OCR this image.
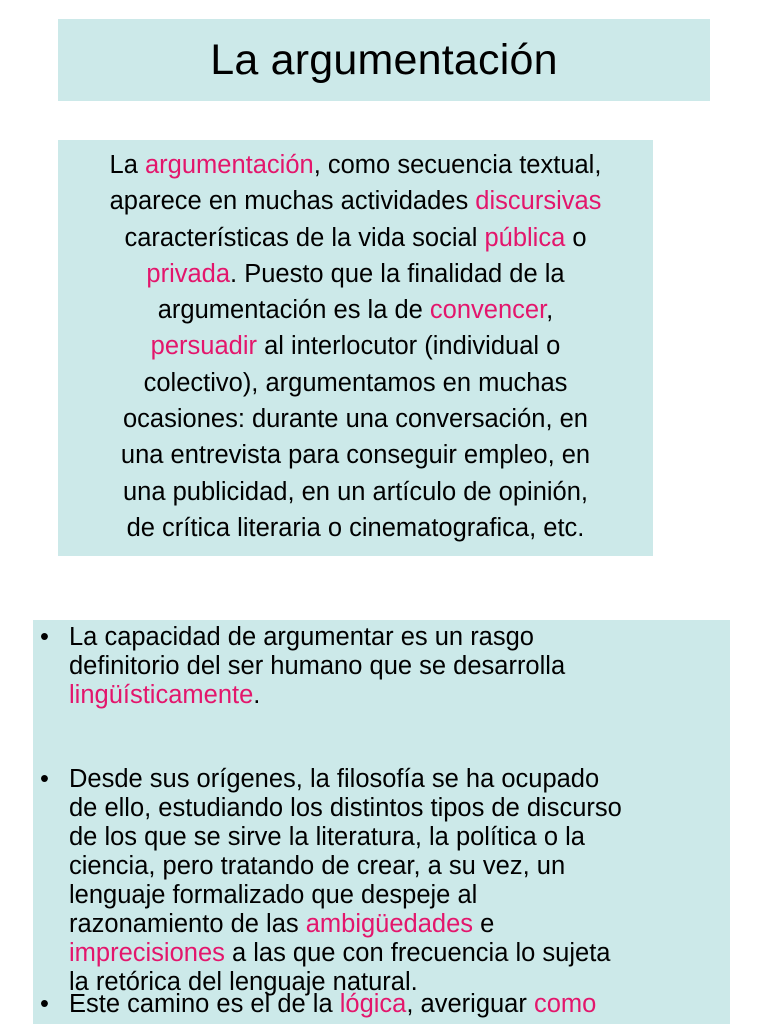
La argumentación
La argumentación, como secuencia textual,
aparece en muchas actividades discursivas
características de la vida social pública o
privada. Puesto que la finalidad de la
argumentación es la de convencer,
persuadir al interlocutor (individual o
colectivo), argumentamos en muchas
ocasiones: durante una conversación, en
una entrevista para conseguir empleo, en
una publicidad, en un artículo de opinión,
de crítica literaria o cinematografica, etc.
• La capacidad de argumentar es un rasgo
definitorio del ser humano que se desarrolla
lingüísticamente.
• Desde sus orígenes, la filosofía se ha ocupado
de ello, estudiando los distintos tipos de discurso
de los que se sirve la literatura, la política o la
ciencia, pero tratando de crear, a su vez, un
lenguaje formalizado que despeje al
razonamiento de las ambigüedades e
imprecisiones a las que con frecuencia lo sujeta
la retórica del lenguaje natural.
• Este camino es el de la lógica, averiguar como
